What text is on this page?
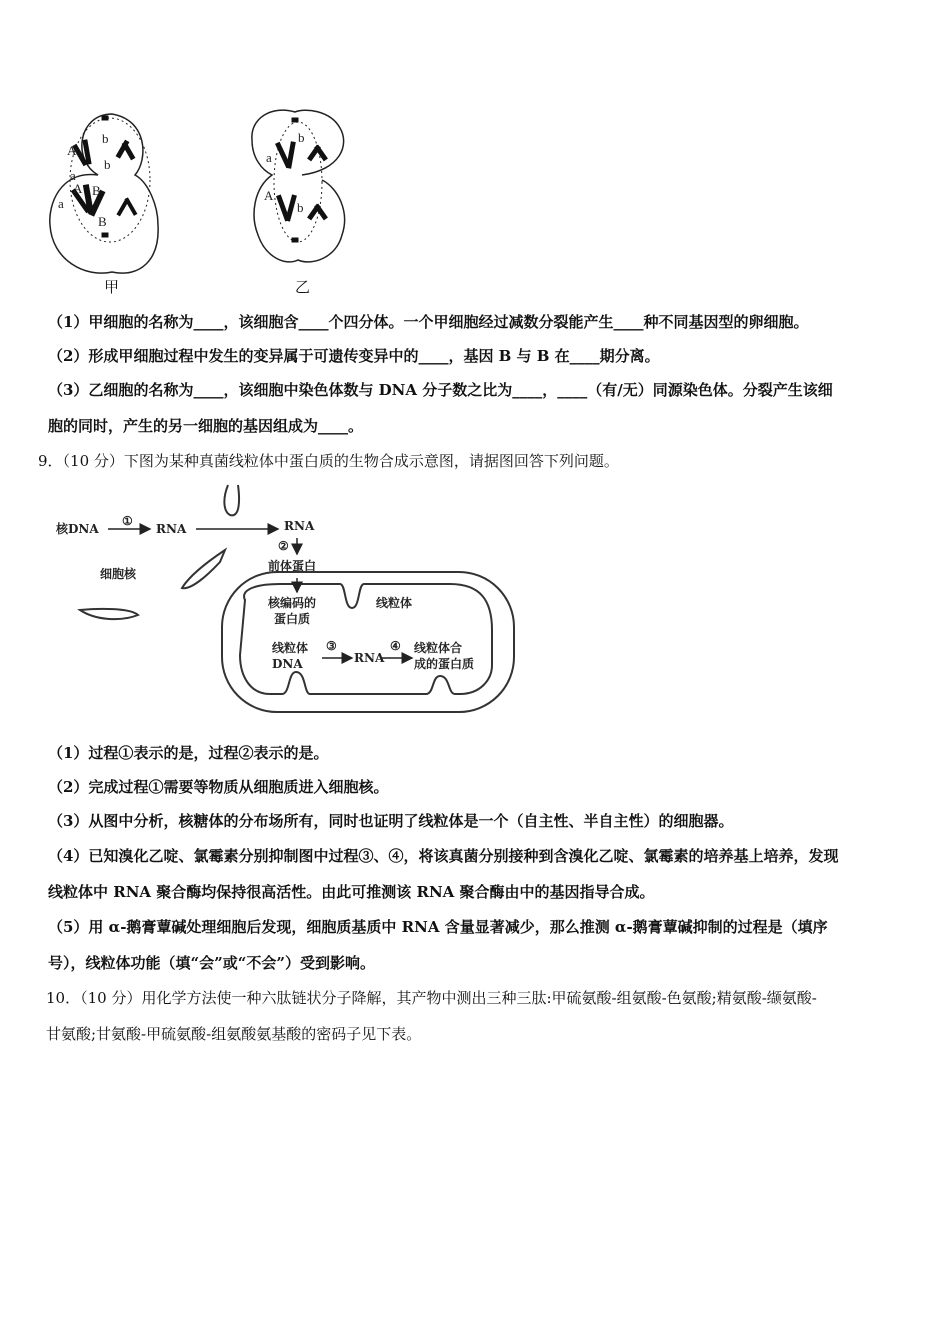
A
a
A
a
B
B
b
b	a
A
b
b
甲	乙
（1）甲细胞的名称为____，该细胞含____个四分体。一个甲细胞经过减数分裂能产生____种不同基因型的卵细胞。
（2）形成甲细胞过程中发生的变异属于可遗传变异中的____，基因 B 与 B 在____期分离。
（3）乙细胞的名称为____，该细胞中染色体数与 DNA 分子数之比为____，____（有/无）同源染色体。分裂产生该细
胞的同时，产生的另一细胞的基因组成为____。
9．（10 分）下图为某种真菌线粒体中蛋白质的生物合成示意图，请据图回答下列问题。
核DNA
①
RNA	RNA
②
前体蛋白
细胞核
核编码的
蛋白质
线粒体
线粒体
DNA
③
RNA
④ 线粒体合
成的蛋白质
（1）过程①表示的是，过程②表示的是。
（2）完成过程①需要等物质从细胞质进入细胞核。
（3）从图中分析，核糖体的分布场所有，同时也证明了线粒体是一个（自主性、半自主性）的细胞器。
（4）已知溴化乙啶、氯霉素分别抑制图中过程③、④，将该真菌分别接种到含溴化乙啶、氯霉素的培养基上培养，发现
线粒体中 RNA 聚合酶均保持很高活性。由此可推测该 RNA 聚合酶由中的基因指导合成。
（5）用 α-鹅膏蕈碱处理细胞后发现，细胞质基质中 RNA 含量显著减少，那么推测 α-鹅膏蕈碱抑制的过程是（填序
号），线粒体功能（填“会”或“不会”）受到影响。
10．（10 分）用化学方法使一种六肽链状分子降解，其产物中测出三种三肽:甲硫氨酸-组氨酸-色氨酸;精氨酸-缬氨酸-
甘氨酸;甘氨酸-甲硫氨酸-组氨酸氨基酸的密码子见下表。
